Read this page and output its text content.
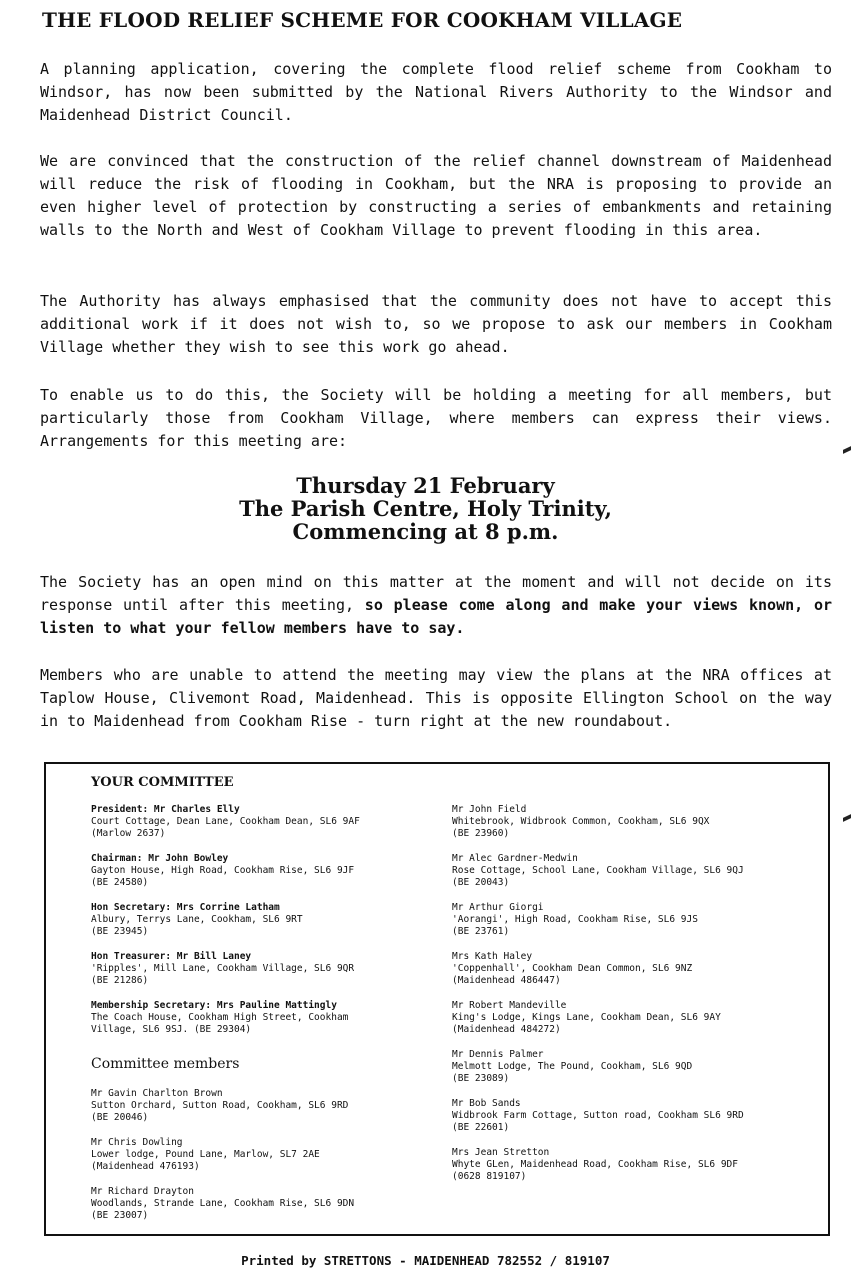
THE FLOOD RELIEF SCHEME FOR COOKHAM VILLAGE

A planning application, covering the complete flood relief scheme from Cookham to Windsor, has now been submitted by the National Rivers Authority to the Windsor and Maidenhead District Council.

We are convinced that the construction of the relief channel downstream of Maidenhead will reduce the risk of flooding in Cookham, but the NRA is proposing to provide an even higher level of protection by constructing a series of embankments and retaining walls to the North and West of Cookham Village to prevent flooding in this area.

The Authority has always emphasised that the community does not have to accept this additional work if it does not wish to, so we propose to ask our members in Cookham Village whether they wish to see this work go ahead.

To enable us to do this, the Society will be holding a meeting for all members, but particularly those from Cookham Village, where members can express their views. Arrangements for this meeting are:

Thursday 21 February
The Parish Centre, Holy Trinity,
Commencing at 8 p.m.

The Society has an open mind on this matter at the moment and will not decide on its response until after this meeting, so please come along and make your views known, or listen to what your fellow members have to say.

Members who are unable to attend the meeting may view the plans at the NRA offices at Taplow House, Clivemont Road, Maidenhead. This is opposite Ellington School on the way in to Maidenhead from Cookham Rise - turn right at the new roundabout.

YOUR COMMITTEE
President: Mr Charles Elly
Court Cottage, Dean Lane, Cookham Dean, SL6 9AF
(Marlow 2637)
Chairman: Mr John Bowley
Gayton House, High Road, Cookham Rise, SL6 9JF
(BE 24580)
Hon Secretary: Mrs Corrine Latham
Albury, Terrys Lane, Cookham, SL6 9RT
(BE 23945)
Hon Treasurer: Mr Bill Laney
'Ripples', Mill Lane, Cookham Village, SL6 9QR
(BE 21286)
Membership Secretary: Mrs Pauline Mattingly
The Coach House, Cookham High Street, Cookham
Village, SL6 9SJ. (BE 29304)
Committee members
Mr Gavin Charlton Brown
Sutton Orchard, Sutton Road, Cookham, SL6 9RD
(BE 20046)
Mr Chris Dowling
Lower lodge, Pound Lane, Marlow, SL7 2AE
(Maidenhead 476193)
Mr Richard Drayton
Woodlands, Strande Lane, Cookham Rise, SL6 9DN
(BE 23007)
Mr John Field
Whitebrook, Widbrook Common, Cookham, SL6 9QX
(BE 23960)
Mr Alec Gardner-Medwin
Rose Cottage, School Lane, Cookham Village, SL6 9QJ
(BE 20043)
Mr Arthur Giorgi
'Aorangi', High Road, Cookham Rise, SL6 9JS
(BE 23761)
Mrs Kath Haley
'Coppenhall', Cookham Dean Common, SL6 9NZ
(Maidenhead 486447)
Mr Robert Mandeville
King's Lodge, Kings Lane, Cookham Dean, SL6 9AY
(Maidenhead 484272)
Mr Dennis Palmer
Melmott Lodge, The Pound, Cookham, SL6 9QD
(BE 23089)
Mr Bob Sands
Widbrook Farm Cottage, Sutton road, Cookham SL6 9RD
(BE 22601)
Mrs Jean Stretton
Whyte GLen, Maidenhead Road, Cookham Rise, SL6 9DF
(0628 819107)
Printed by STRETTONS - MAIDENHEAD 782552 / 819107
